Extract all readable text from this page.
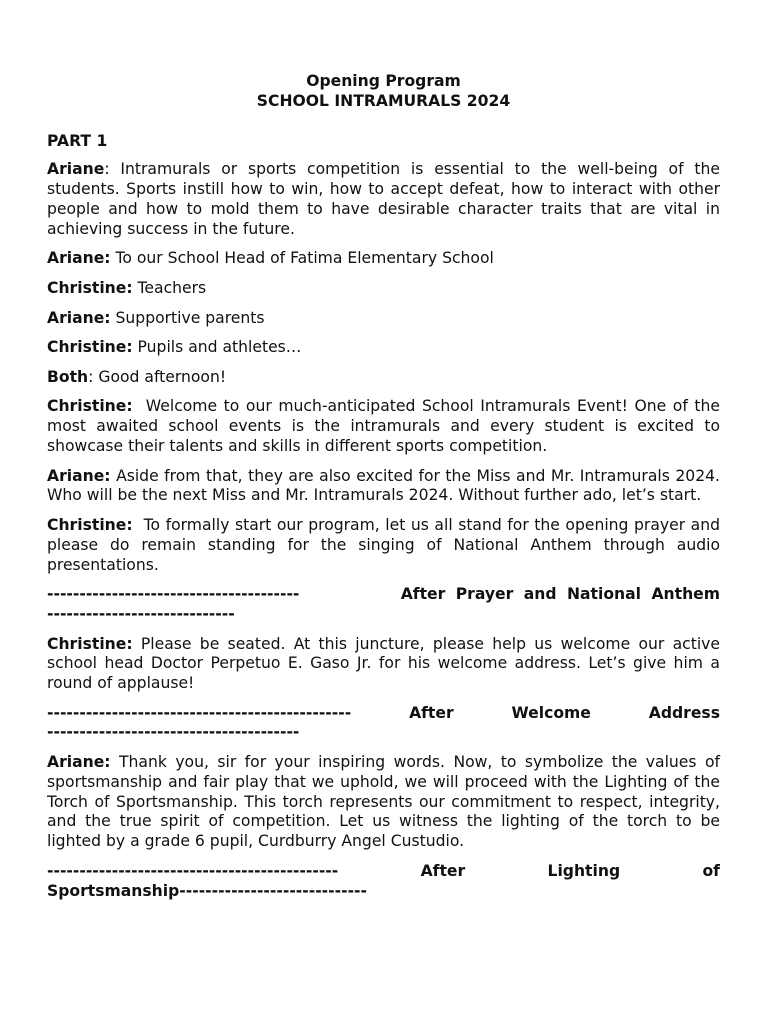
Opening Program
SCHOOL INTRAMURALS 2024
PART 1

Ariane: Intramurals or sports competition is essential to the well-being of the students. Sports instill how to win, how to accept defeat, how to interact with other people and how to mold them to have desirable character traits that are vital in achieving success in the future.

Ariane: To our School Head of Fatima Elementary School

Christine: Teachers

Ariane: Supportive parents

Christine: Pupils and athletes…

Both: Good afternoon!

Christine: Welcome to our much-anticipated School Intramurals Event! One of the most awaited school events is the intramurals and every student is excited to showcase their talents and skills in different sports competition.

Ariane: Aside from that, they are also excited for the Miss and Mr. Intramurals 2024. Who will be the next Miss and Mr. Intramurals 2024. Without further ado, let’s start.

Christine: To formally start our program, let us all stand for the opening prayer and please do remain standing for the singing of National Anthem through audio presentations.

---------------------------------------	After Prayer and National Anthem
-----------------------------

Christine: Please be seated. At this juncture, please help us welcome our active school head Doctor Perpetuo E. Gaso Jr. for his welcome address. Let’s give him a round of applause!

-----------------------------------------------	After	Welcome	Address
---------------------------------------

Ariane: Thank you, sir for your inspiring words. Now, to symbolize the values of sportsmanship and fair play that we uphold, we will proceed with the Lighting of the Torch of Sportsmanship. This torch represents our commitment to respect, integrity, and the true spirit of competition. Let us witness the lighting of the torch to be lighted by a grade 6 pupil, Curdburry Angel Custudio.

---------------------------------------------	After	Lighting	of
Sportsmanship-----------------------------
